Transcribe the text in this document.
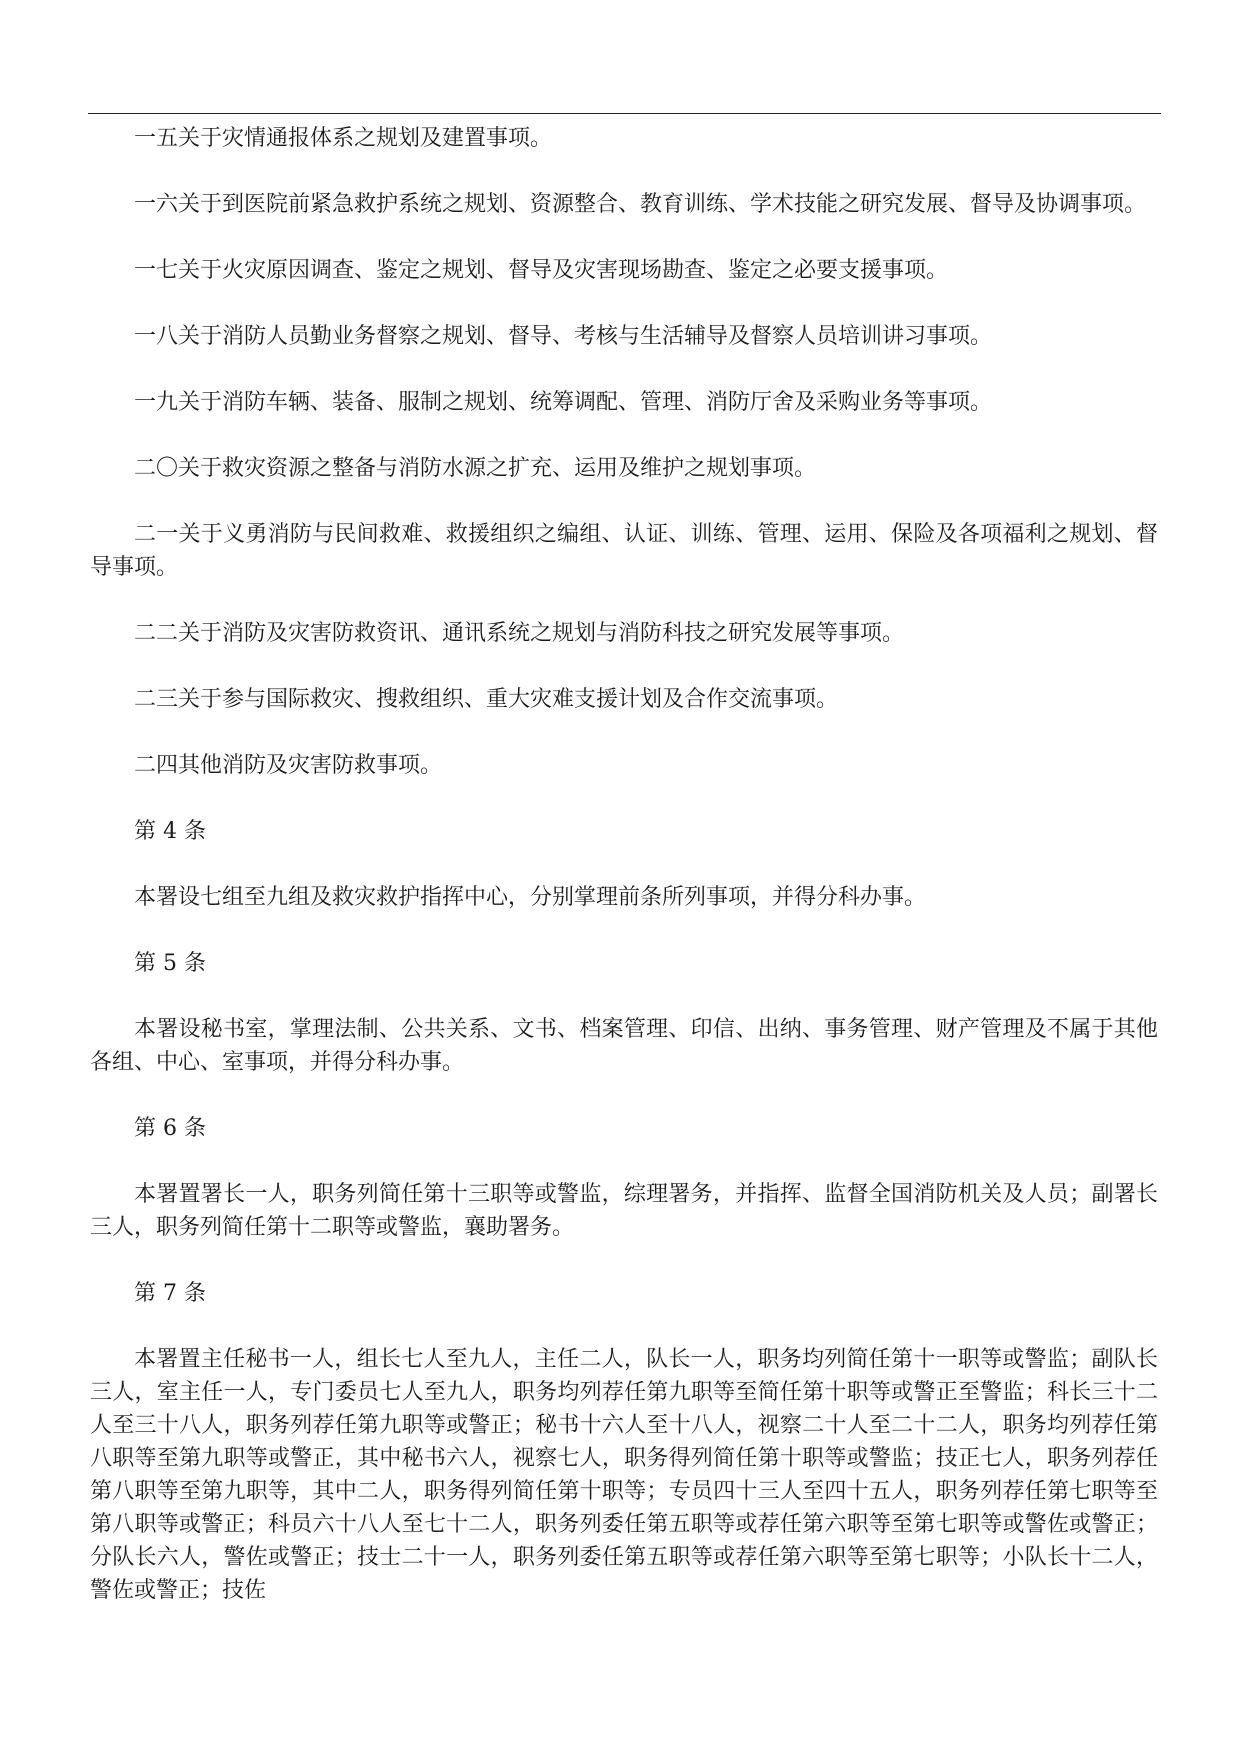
一五关于灾情通报体系之规划及建置事项。

一六关于到医院前紧急救护系统之规划、资源整合、教育训练、学术技能之研究发展、督导及协调事项。

一七关于火灾原因调查、鉴定之规划、督导及灾害现场勘查、鉴定之必要支援事项。

一八关于消防人员勤业务督察之规划、督导、考核与生活辅导及督察人员培训讲习事项。

一九关于消防车辆、装备、服制之规划、统筹调配、管理、消防厅舍及采购业务等事项。

二〇关于救灾资源之整备与消防水源之扩充、运用及维护之规划事项。

二一关于义勇消防与民间救难、救援组织之编组、认证、训练、管理、运用、保险及各项福利之规划、督导事项。

二二关于消防及灾害防救资讯、通讯系统之规划与消防科技之研究发展等事项。

二三关于参与国际救灾、搜救组织、重大灾难支援计划及合作交流事项。

二四其他消防及灾害防救事项。

第 4 条

本署设七组至九组及救灾救护指挥中心，分别掌理前条所列事项，并得分科办事。

第 5 条

本署设秘书室，掌理法制、公共关系、文书、档案管理、印信、出纳、事务管理、财产管理及不属于其他各组、中心、室事项，并得分科办事。

第 6 条

本署置署长一人，职务列简任第十三职等或警监，综理署务，并指挥、监督全国消防机关及人员；副署长三人，职务列简任第十二职等或警监，襄助署务。

第 7 条

本署置主任秘书一人，组长七人至九人，主任二人，队长一人，职务均列简任第十一职等或警监；副队长三人，室主任一人，专门委员七人至九人，职务均列荐任第九职等至简任第十职等或警正至警监；科长三十二人至三十八人，职务列荐任第九职等或警正；秘书十六人至十八人，视察二十人至二十二人，职务均列荐任第八职等至第九职等或警正，其中秘书六人，视察七人，职务得列简任第十职等或警监；技正七人，职务列荐任第八职等至第九职等，其中二人，职务得列简任第十职等；专员四十三人至四十五人，职务列荐任第七职等至第八职等或警正；科员六十八人至七十二人，职务列委任第五职等或荐任第六职等至第七职等或警佐或警正；分队长六人，警佐或警正；技士二十一人，职务列委任第五职等或荐任第六职等至第七职等；小队长十二人，警佐或警正；技佐
